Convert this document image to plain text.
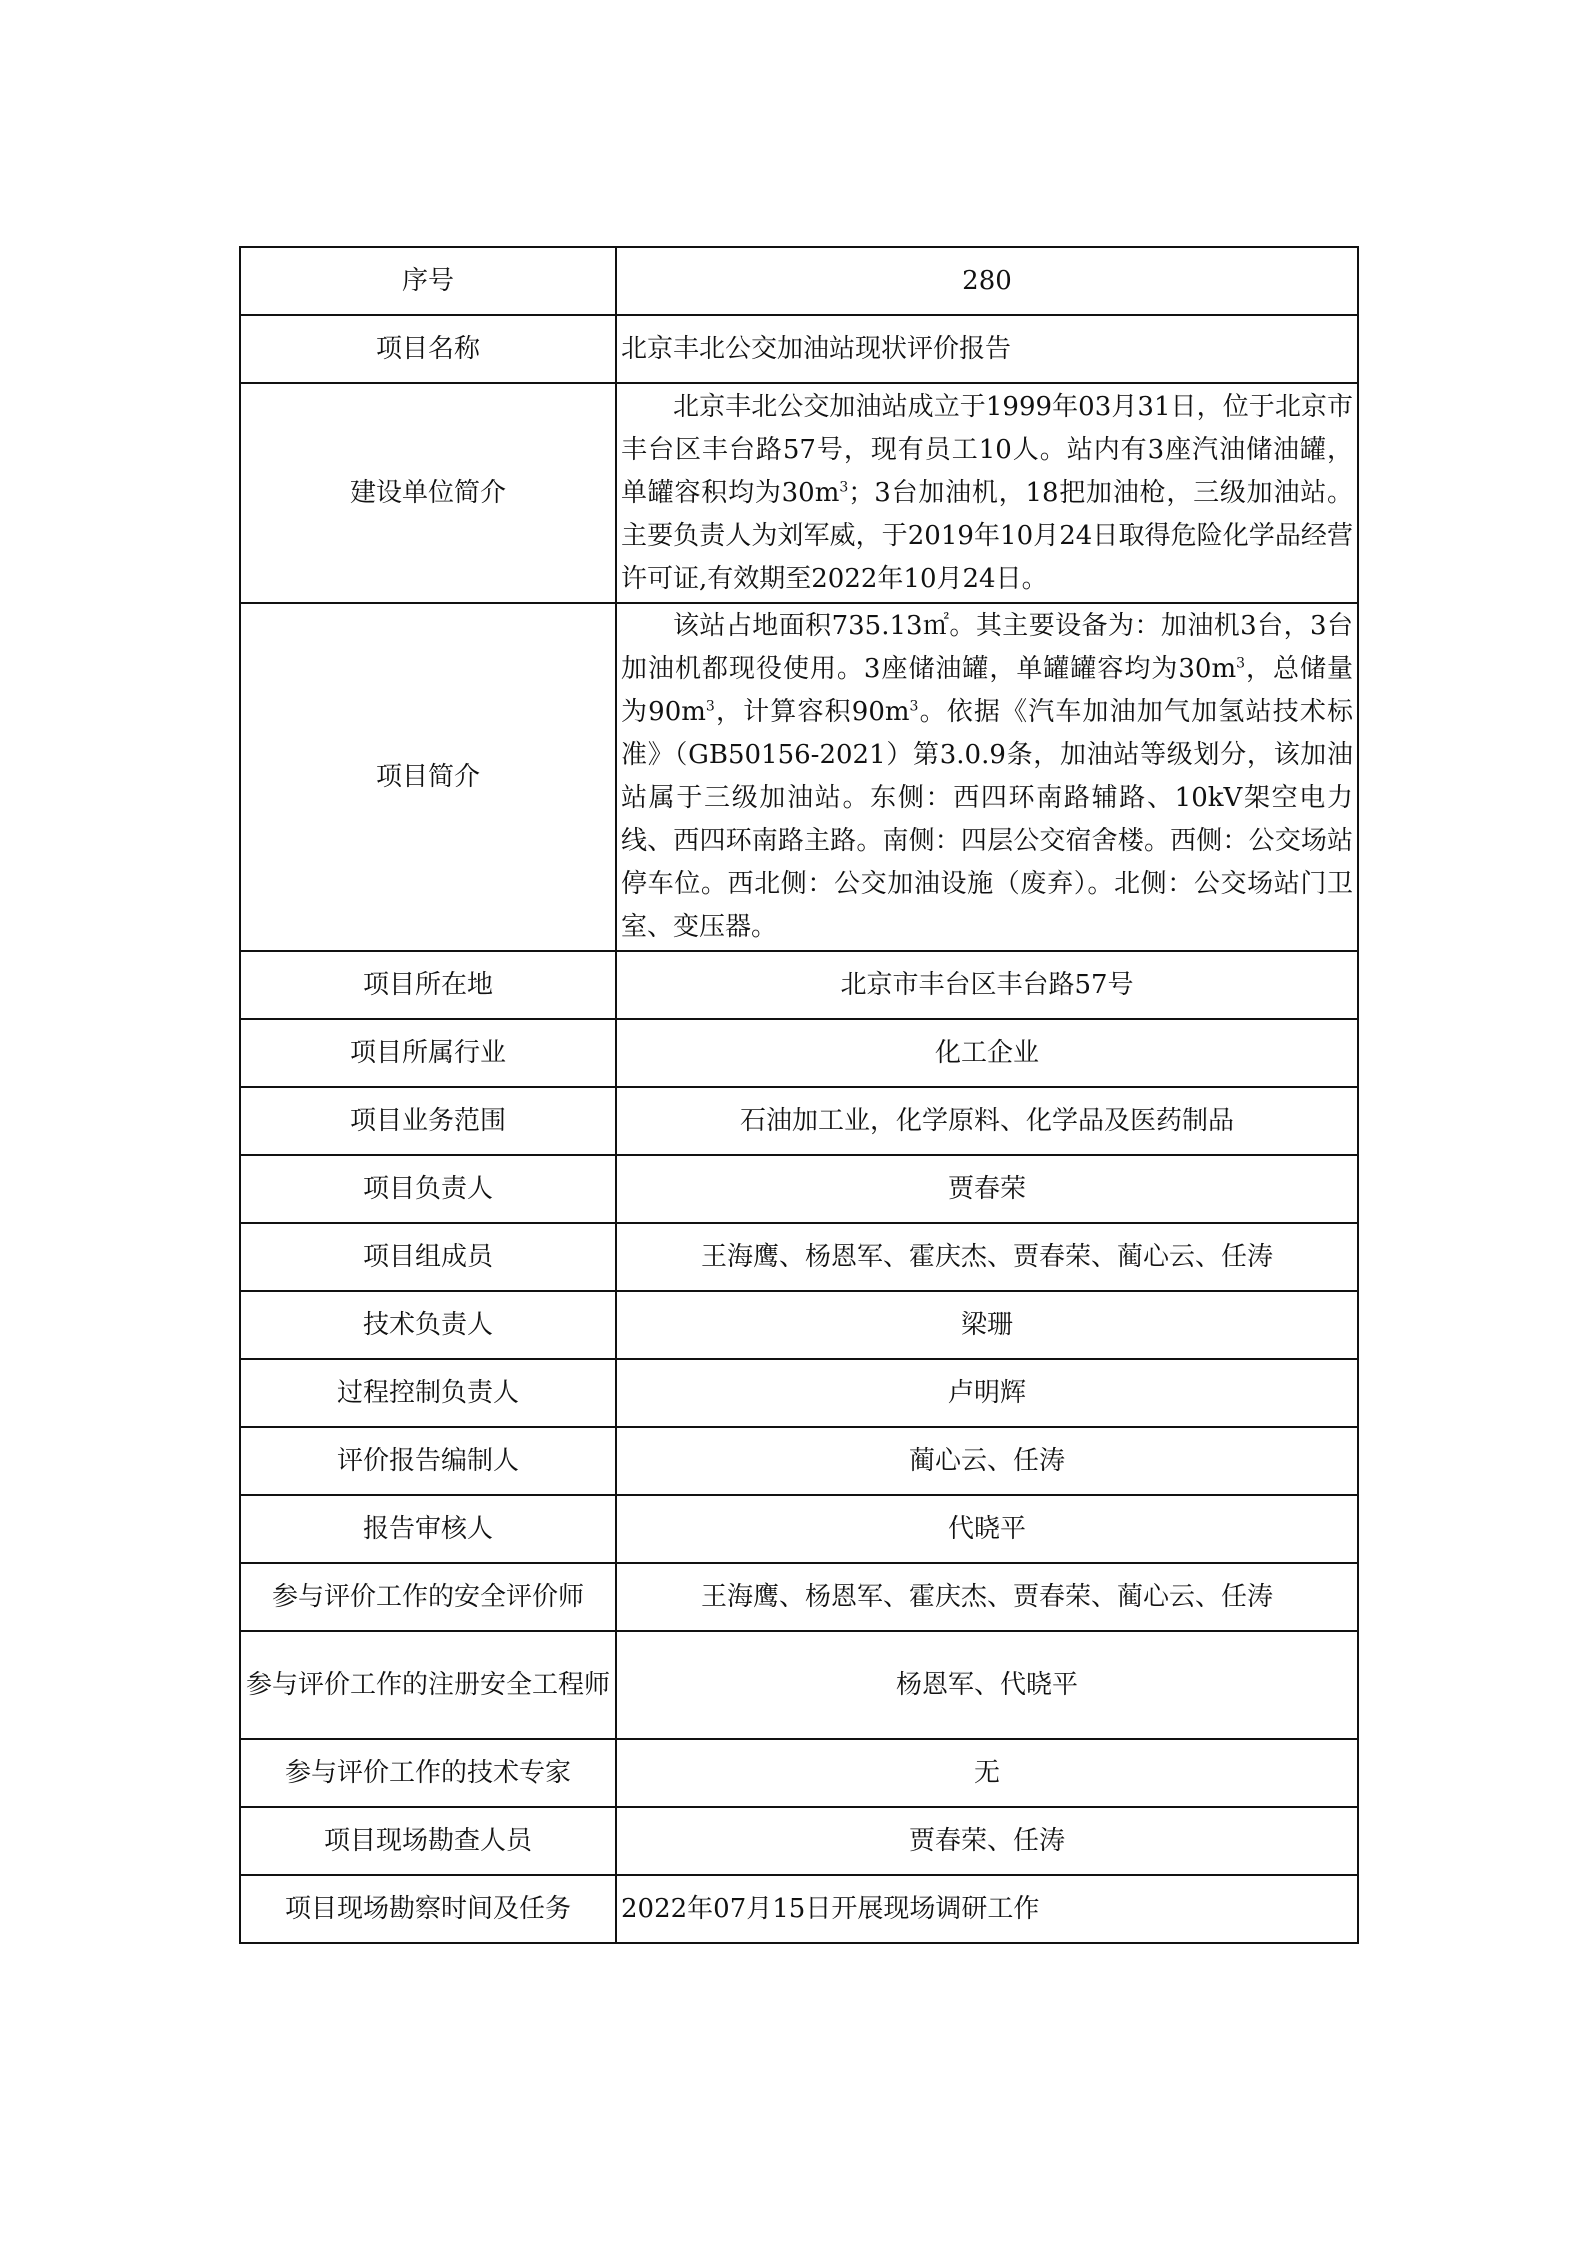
序号	280
项目名称	北京丰北公交加油站现状评价报告
建设单位简介	北京丰北公交加油站成立于1999年03月31日，位于北京市丰台区丰台路57号，现有员工10人。站内有3座汽油储油罐，单罐容积均为$30m^3$；3台加油机，18把加油枪，三级加油站。主要负责人为刘军威，于2019年10月24日取得危险化学品经营许可证,有效期至2022年10月24日。

项目简介	该站占地面积735.13㎡。其主要设备为：加油机3台，3台加油机都现役使用。3座储油罐，单罐罐容均为$30m^3$，总储量为$90m^3$，计算容积$90m^3$。依据《汽车加油加气加氢站技术标准》（GB50156-2021）第3.0.9条，加油站等级划分，该加油站属于三级加油站。东侧：西四环南路辅路、10kV架空电力线、西四环南路主路。南侧：四层公交宿舍楼。西侧：公交场站停车位。西北侧：公交加油设施（废弃）。北侧：公交场站门卫室、变压器。

项目所在地	北京市丰台区丰台路57号
项目所属行业	化工企业
项目业务范围	石油加工业，化学原料、化学品及医药制品
项目负责人	贾春荣
项目组成员	王海鹰、杨恩军、霍庆杰、贾春荣、蔺心云、任涛
技术负责人	梁珊
过程控制负责人	卢明辉
评价报告编制人	蔺心云、任涛
报告审核人	代晓平
参与评价工作的安全评价师	王海鹰、杨恩军、霍庆杰、贾春荣、蔺心云、任涛
参与评价工作的注册安全工程师	杨恩军、代晓平
参与评价工作的技术专家	无
项目现场勘查人员	贾春荣、任涛
项目现场勘察时间及任务	2022年07月15日开展现场调研工作
